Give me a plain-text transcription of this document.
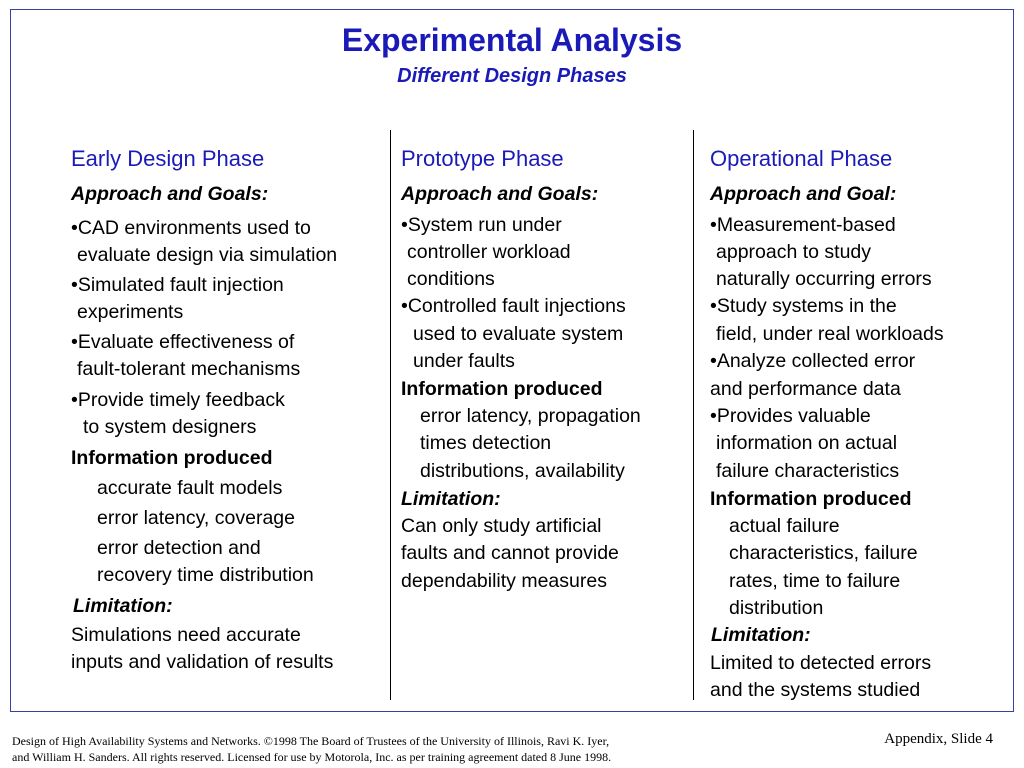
Experimental Analysis
Different Design Phases
Early Design Phase
Approach and Goals:
•CAD environments used to
evaluate design via simulation
•Simulated fault injection
experiments
•Evaluate effectiveness of
fault-tolerant mechanisms
•Provide timely feedback
to system designers
Information produced
accurate fault models
error latency, coverage
error detection and
recovery time distribution
Limitation:
Simulations need accurate
inputs and validation of results
Prototype Phase
Approach and Goals:
•System run under
controller workload
conditions
•Controlled fault injections
used to evaluate system
under faults
Information produced
error latency, propagation
times detection
distributions, availability
Limitation:
Can only study artificial
faults and cannot provide
dependability measures
Operational Phase
Approach and Goal:
•Measurement-based
approach to study
naturally occurring errors
•Study systems in the
field, under real workloads
•Analyze collected error
and performance data
•Provides valuable
information on actual
failure characteristics
Information produced
actual failure
characteristics, failure
rates, time to failure
distribution
Limitation:
Limited to detected errors
and the systems studied
Design of High Availability Systems and Networks. ©1998 The Board of Trustees of the University of Illinois, Ravi K. Iyer,
and William H. Sanders. All rights reserved. Licensed for use by Motorola, Inc. as per training agreement dated 8 June 1998.
Appendix, Slide 4
